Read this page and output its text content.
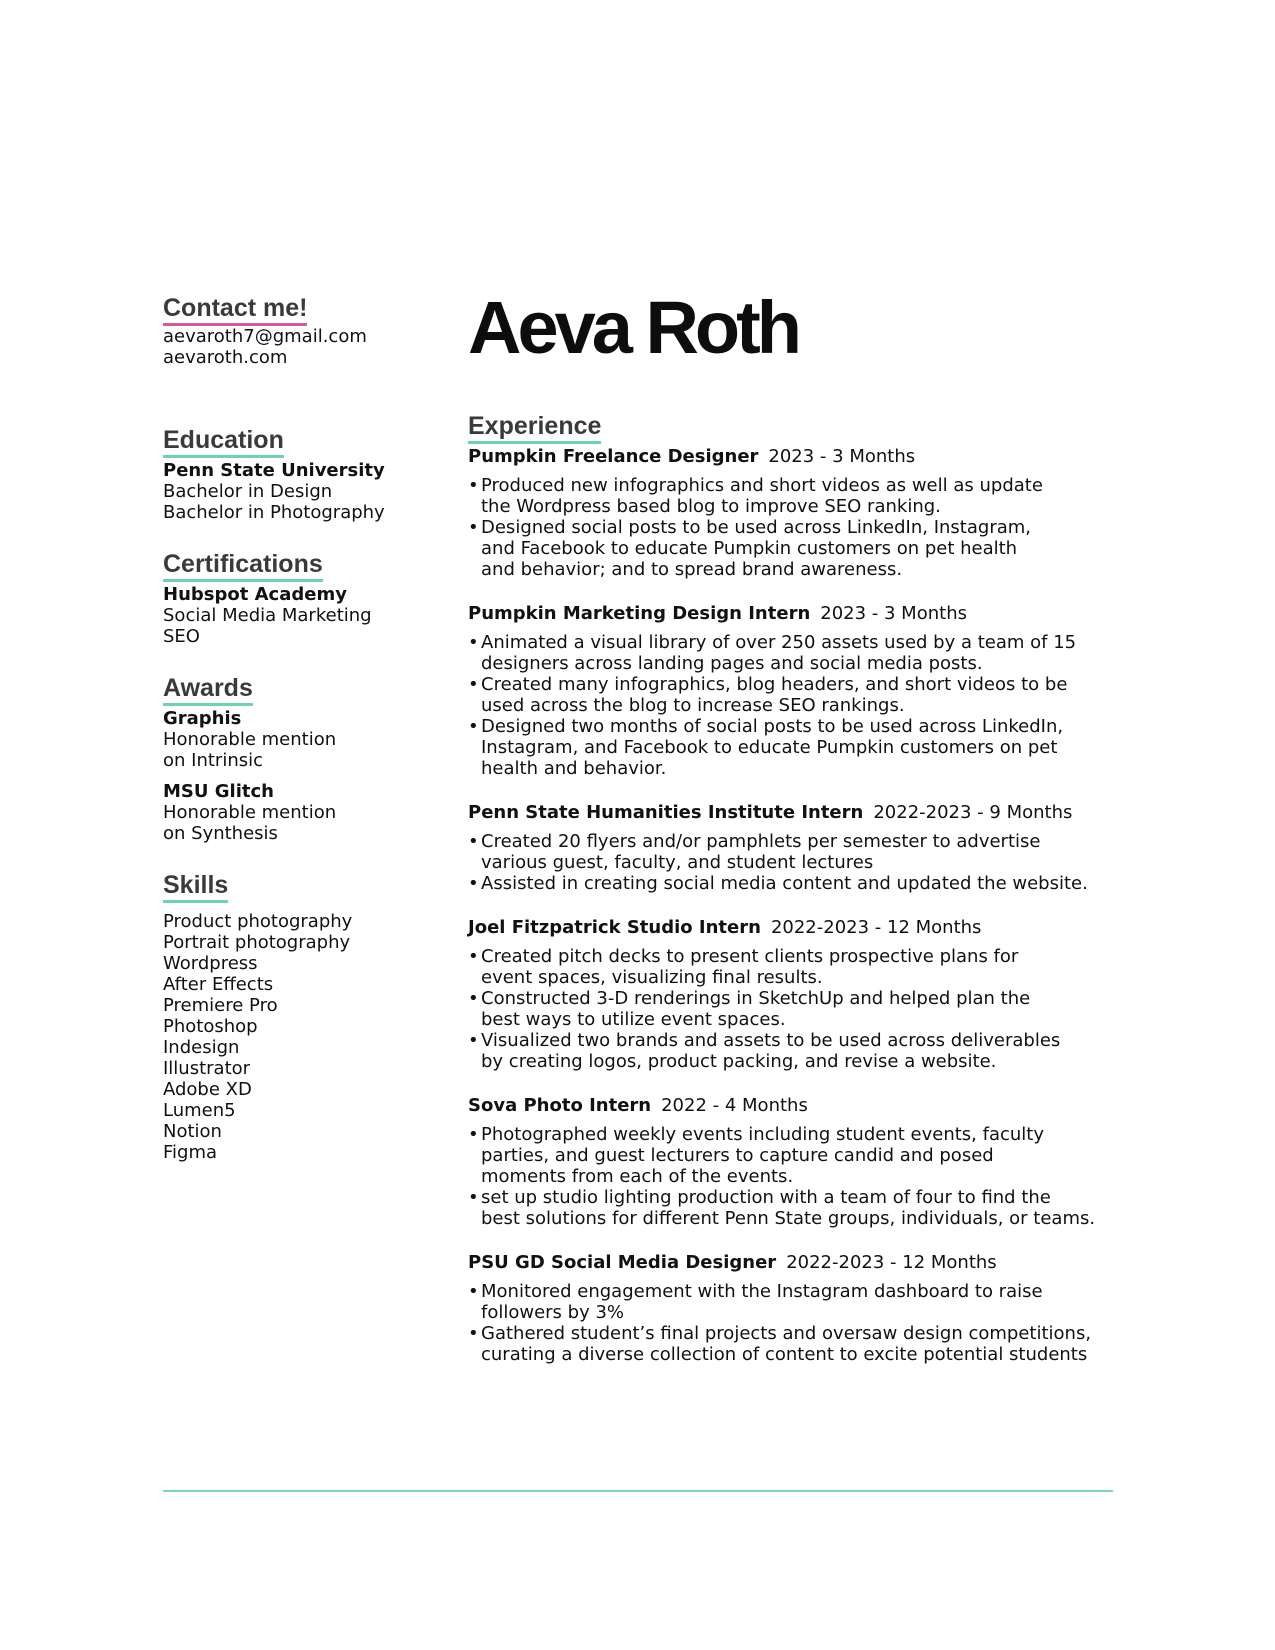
Contact me!
aevaroth7@gmail.com
aevaroth.com
Education
Penn State University
Bachelor in Design
Bachelor in Photography
Certifications
Hubspot Academy
Social Media Marketing
SEO
Awards
Graphis
Honorable mention
on Intrinsic
MSU Glitch
Honorable mention
on Synthesis
Skills
Product photography
Portrait photography
Wordpress
After Effects
Premiere Pro
Photoshop
Indesign
Illustrator
Adobe XD
Lumen5
Notion
Figma
Aeva Roth
Experience
Pumpkin Freelance Designer 2023 - 3 Months
• Produced new infographics and short videos as well as update
the Wordpress based blog to improve SEO ranking.
• Designed social posts to be used across LinkedIn, Instagram,
and Facebook to educate Pumpkin customers on pet health
and behavior; and to spread brand awareness.
Pumpkin Marketing Design Intern 2023 - 3 Months
• Animated a visual library of over 250 assets used by a team of 15
designers across landing pages and social media posts.
• Created many infographics, blog headers, and short videos to be
used across the blog to increase SEO rankings.
• Designed two months of social posts to be used across LinkedIn,
Instagram, and Facebook to educate Pumpkin customers on pet
health and behavior.
Penn State Humanities Institute Intern 2022-2023 - 9 Months
• Created 20 flyers and/or pamphlets per semester to advertise
various guest, faculty, and student lectures
• Assisted in creating social media content and updated the website.
Joel Fitzpatrick Studio Intern 2022-2023 - 12 Months
• Created pitch decks to present clients prospective plans for
event spaces, visualizing final results.
• Constructed 3-D renderings in SketchUp and helped plan the
best ways to utilize event spaces.
• Visualized two brands and assets to be used across deliverables
by creating logos, product packing, and revise a website.
Sova Photo Intern 2022 - 4 Months
• Photographed weekly events including student events, faculty
parties, and guest lecturers to capture candid and posed
moments from each of the events.
• set up studio lighting production with a team of four to find the
best solutions for different Penn State groups, individuals, or teams.
PSU GD Social Media Designer 2022-2023 - 12 Months
• Monitored engagement with the Instagram dashboard to raise
followers by 3%
• Gathered student’s final projects and oversaw design competitions,
curating a diverse collection of content to excite potential students
